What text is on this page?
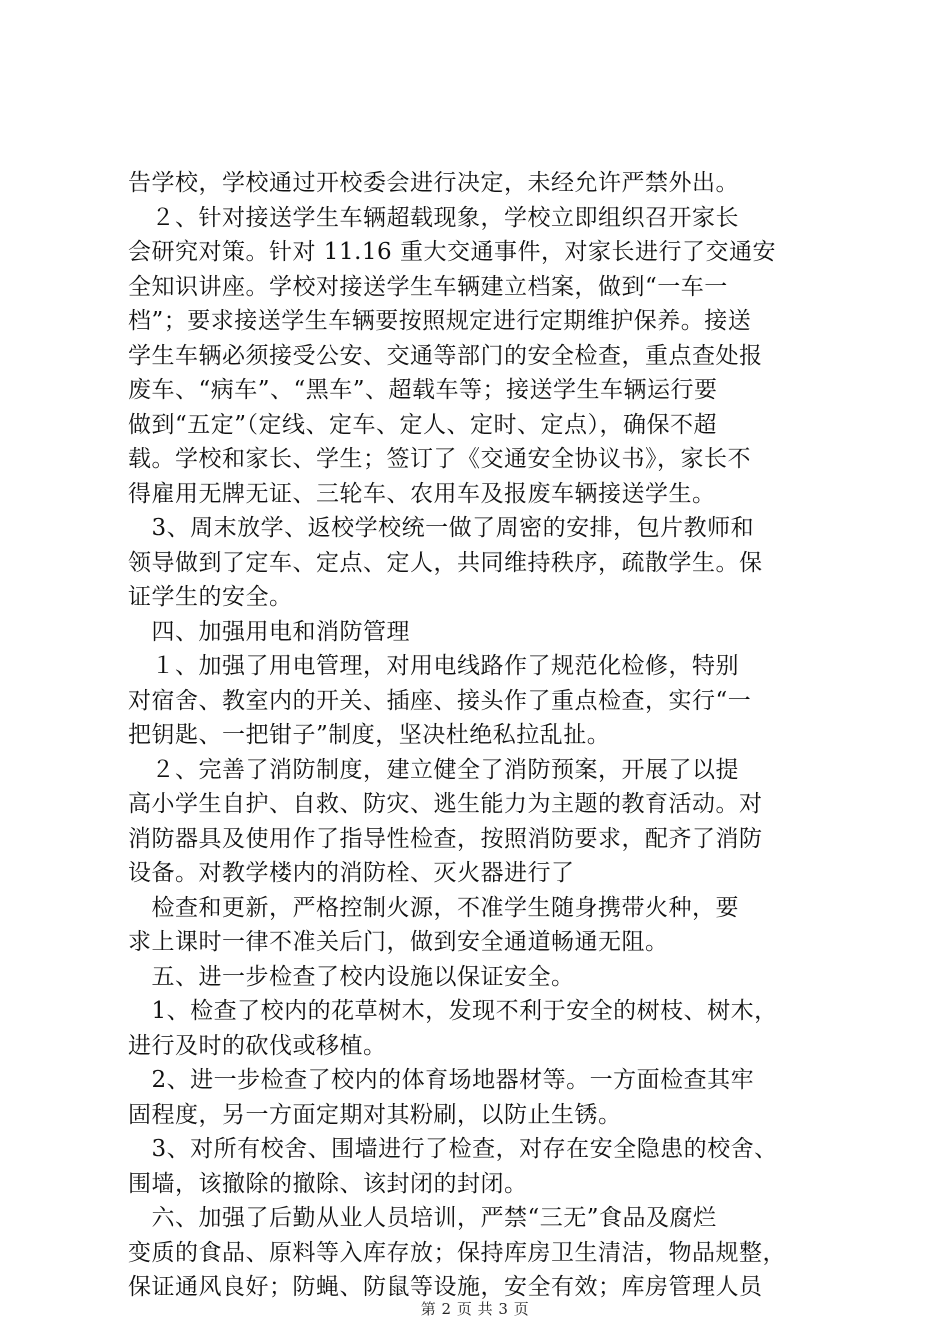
告学校，学校通过开校委会进行决定，未经允许严禁外出。
　２、针对接送学生车辆超载现象，学校立即组织召开家长
会研究对策。针对 11.16 重大交通事件，对家长进行了交通安
全知识讲座。学校对接送学生车辆建立档案，做到“一车一
档”；要求接送学生车辆要按照规定进行定期维护保养。接送
学生车辆必须接受公安、交通等部门的安全检查，重点查处报
废车、“病车”、“黑车”、超载车等；接送学生车辆运行要
做到“五定”（定线、定车、定人、定时、定点），确保不超
载。学校和家长、学生；签订了《交通安全协议书》，家长不
得雇用无牌无证、三轮车、农用车及报废车辆接送学生。
　3、周末放学、返校学校统一做了周密的安排，包片教师和
领导做到了定车、定点、定人，共同维持秩序，疏散学生。保
证学生的安全。
　四、加强用电和消防管理
　１、加强了用电管理，对用电线路作了规范化检修，特别
对宿舍、教室内的开关、插座、接头作了重点检查，实行“一
把钥匙、一把钳子”制度，坚决杜绝私拉乱扯。
　２、完善了消防制度，建立健全了消防预案，开展了以提
高小学生自护、自救、防灾、逃生能力为主题的教育活动。对
消防器具及使用作了指导性检查，按照消防要求，配齐了消防
设备。对教学楼内的消防栓、灭火器进行了
　检查和更新，严格控制火源，不准学生随身携带火种，要
求上课时一律不准关后门，做到安全通道畅通无阻。
　五、进一步检查了校内设施以保证安全。
　1、检查了校内的花草树木，发现不利于安全的树枝、树木，
进行及时的砍伐或移植。
　2、进一步检查了校内的体育场地器材等。一方面检查其牢
固程度，另一方面定期对其粉刷，以防止生锈。
　3、对所有校舍、围墙进行了检查，对存在安全隐患的校舍、
围墙，该撤除的撤除、该封闭的封闭。
　六、加强了后勤从业人员培训，严禁“三无”食品及腐烂
变质的食品、原料等入库存放；保持库房卫生清洁，物品规整，
保证通风良好；防蝇、防鼠等设施，安全有效；库房管理人员
第 2 页 共 3 页
